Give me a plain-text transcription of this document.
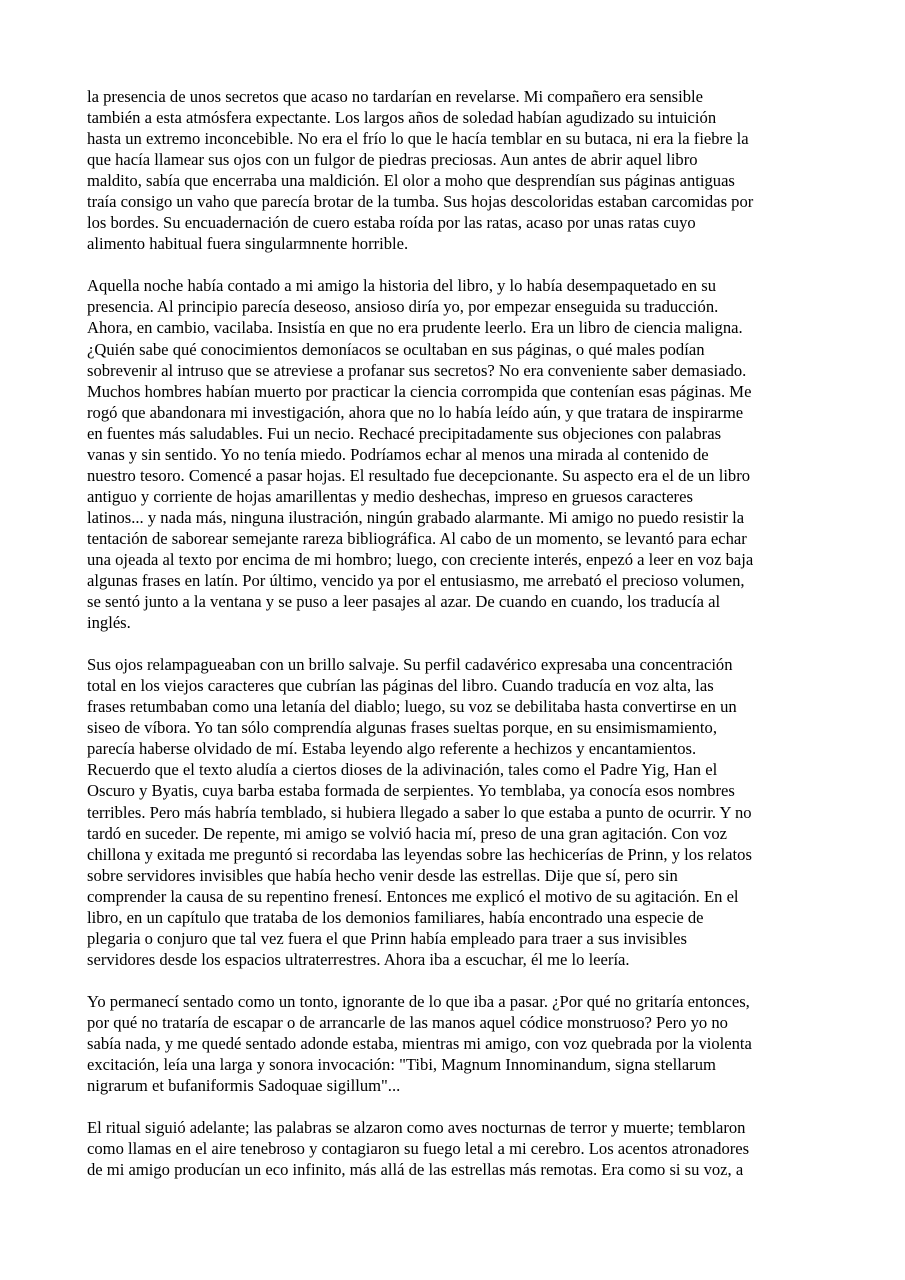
la presencia de unos secretos que acaso no tardarían en revelarse. Mi compañero era sensible
también a esta atmósfera expectante. Los largos años de soledad habían agudizado su intuición
hasta un extremo inconcebible. No era el frío lo que le hacía temblar en su butaca, ni era la fiebre la
que hacía llamear sus ojos con un fulgor de piedras preciosas. Aun antes de abrir aquel libro
maldito, sabía que encerraba una maldición. El olor a moho que desprendían sus páginas antiguas
traía consigo un vaho que parecía brotar de la tumba. Sus hojas descoloridas estaban carcomidas por
los bordes. Su encuadernación de cuero estaba roída por las ratas, acaso por unas ratas cuyo
alimento habitual fuera singularmnente horrible.

Aquella noche había contado a mi amigo la historia del libro, y lo había desempaquetado en su
presencia. Al principio parecía deseoso, ansioso diría yo, por empezar enseguida su traducción.
Ahora, en cambio, vacilaba. Insistía en que no era prudente leerlo. Era un libro de ciencia maligna.
¿Quién sabe qué conocimientos demoníacos se ocultaban en sus páginas, o qué males podían
sobrevenir al intruso que se atreviese a profanar sus secretos? No era conveniente saber demasiado.
Muchos hombres habían muerto por practicar la ciencia corrompida que contenían esas páginas. Me
rogó que abandonara mi investigación, ahora que no lo había leído aún, y que tratara de inspirarme
en fuentes más saludables. Fui un necio. Rechacé precipitadamente sus objeciones con palabras
vanas y sin sentido. Yo no tenía miedo. Podríamos echar al menos una mirada al contenido de
nuestro tesoro. Comencé a pasar hojas. El resultado fue decepcionante. Su aspecto era el de un libro
antiguo y corriente de hojas amarillentas y medio deshechas, impreso en gruesos caracteres
latinos... y nada más, ninguna ilustración, ningún grabado alarmante. Mi amigo no puedo resistir la
tentación de saborear semejante rareza bibliográfica. Al cabo de un momento, se levantó para echar
una ojeada al texto por encima de mi hombro; luego, con creciente interés, enpezó a leer en voz baja
algunas frases en latín. Por último, vencido ya por el entusiasmo, me arrebató el precioso volumen,
se sentó junto a la ventana y se puso a leer pasajes al azar. De cuando en cuando, los traducía al
inglés.

Sus ojos relampagueaban con un brillo salvaje. Su perfil cadavérico expresaba una concentración
total en los viejos caracteres que cubrían las páginas del libro. Cuando traducía en voz alta, las
frases retumbaban como una letanía del diablo; luego, su voz se debilitaba hasta convertirse en un
siseo de víbora. Yo tan sólo comprendía algunas frases sueltas porque, en su ensimismamiento,
parecía haberse olvidado de mí. Estaba leyendo algo referente a hechizos y encantamientos.
Recuerdo que el texto aludía a ciertos dioses de la adivinación, tales como el Padre Yig, Han el
Oscuro y Byatis, cuya barba estaba formada de serpientes. Yo temblaba, ya conocía esos nombres
terribles. Pero más habría temblado, si hubiera llegado a saber lo que estaba a punto de ocurrir. Y no
tardó en suceder. De repente, mi amigo se volvió hacia mí, preso de una gran agitación. Con voz
chillona y exitada me preguntó si recordaba las leyendas sobre las hechicerías de Prinn, y los relatos
sobre servidores invisibles que había hecho venir desde las estrellas. Dije que sí, pero sin
comprender la causa de su repentino frenesí. Entonces me explicó el motivo de su agitación. En el
libro, en un capítulo que trataba de los demonios familiares, había encontrado una especie de
plegaria o conjuro que tal vez fuera el que Prinn había empleado para traer a sus invisibles
servidores desde los espacios ultraterrestres. Ahora iba a escuchar, él me lo leería.

Yo permanecí sentado como un tonto, ignorante de lo que iba a pasar. ¿Por qué no gritaría entonces,
por qué no trataría de escapar o de arrancarle de las manos aquel códice monstruoso? Pero yo no
sabía nada, y me quedé sentado adonde estaba, mientras mi amigo, con voz quebrada por la violenta
excitación, leía una larga y sonora invocación: "Tibi, Magnum Innominandum, signa stellarum
nigrarum et bufaniformis Sadoquae sigillum"...

El ritual siguió adelante; las palabras se alzaron como aves nocturnas de terror y muerte; temblaron
como llamas en el aire tenebroso y contagiaron su fuego letal a mi cerebro. Los acentos atronadores
de mi amigo producían un eco infinito, más allá de las estrellas más remotas. Era como si su voz, a
